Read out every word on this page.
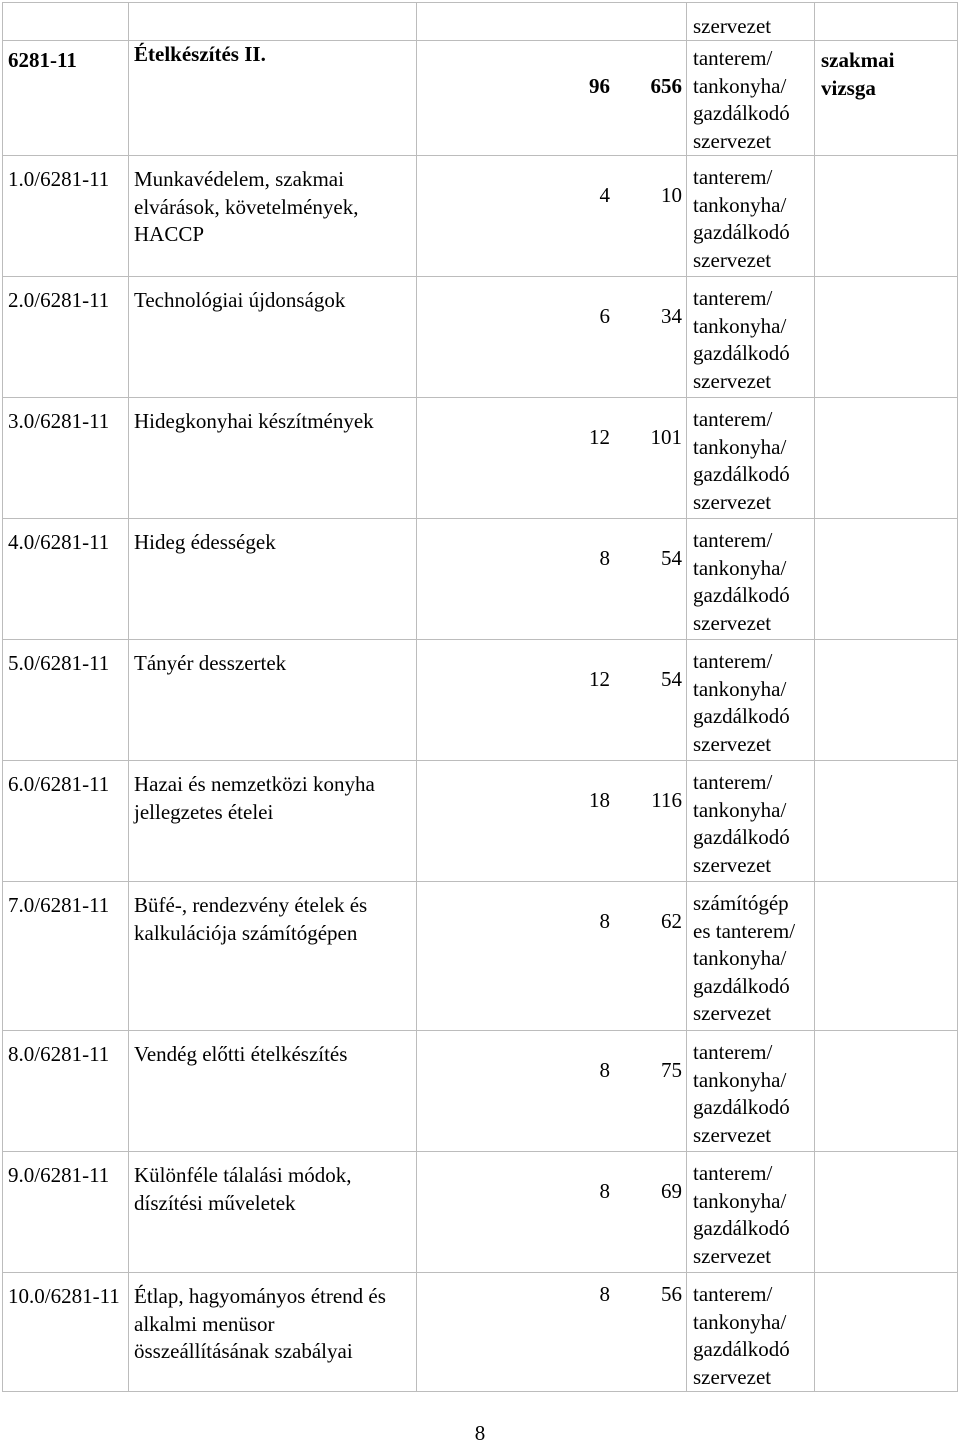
			szervezet	
6281-11	Ételkészítés II.	96 656	tanterem/ tankonyha/ gazdálkodó szervezet	szakmai vizsga
1.0/6281-11	Munkavédelem, szakmai elvárások, követelmények, HACCP	4 10	tanterem/ tankonyha/ gazdálkodó szervezet	
2.0/6281-11	Technológiai újdonságok	6 34	tanterem/ tankonyha/ gazdálkodó szervezet	
3.0/6281-11	Hidegkonyhai készítmények	12 101	tanterem/ tankonyha/ gazdálkodó szervezet	
4.0/6281-11	Hideg édességek	8 54	tanterem/ tankonyha/ gazdálkodó szervezet	
5.0/6281-11	Tányér desszertek	12 54	tanterem/ tankonyha/ gazdálkodó szervezet	
6.0/6281-11	Hazai és nemzetközi konyha jellegzetes ételei	18 116	tanterem/ tankonyha/ gazdálkodó szervezet	
7.0/6281-11	Büfé-, rendezvény ételek és kalkulációja számítógépen	8 62	számítógép es tanterem/ tankonyha/ gazdálkodó szervezet	
8.0/6281-11	Vendég előtti ételkészítés	8 75	tanterem/ tankonyha/ gazdálkodó szervezet	
9.0/6281-11	Különféle tálalási módok, díszítési műveletek	8 69	tanterem/ tankonyha/ gazdálkodó szervezet	
10.0/6281-11	Étlap, hagyományos étrend és alkalmi menüsor összeállításának szabályai	8 56	tanterem/ tankonyha/ gazdálkodó szervezet	
8
